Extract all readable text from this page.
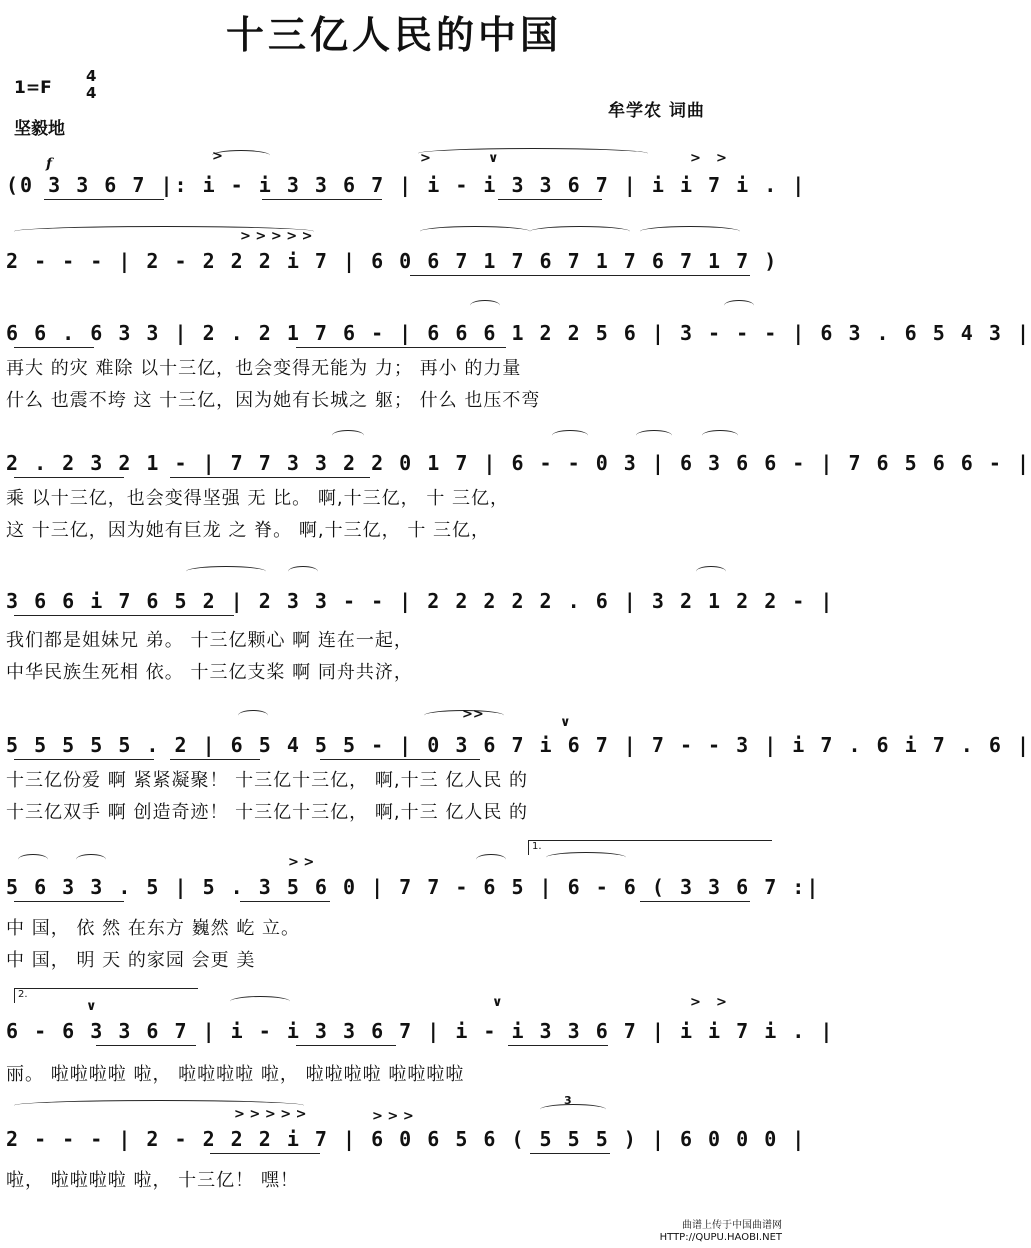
十三亿人民的中国
1=F
4
4
坚毅地
牟学农 词曲
f
(0 3 3 6 7 |: i - i 3 3 6 7 | i - i 3 3 6 7 | i i 7 i . |
>	>	∨	> >
2 - - - | 2 - 2 2 2 i 7 | 6 0 6 7 1 7 6 7 1 7 6 7 1 7 )
> > > > >
6 6 . 6 3 3 | 2 . 2 1 7 6 - | 6 6 6 1 2 2 5 6 | 3 - - - | 6 3 . 6 5 4 3 |
再大 的灾 难除 以十三亿，也会变得无能为 力； 再小 的力量
什么 也震不垮 这 十三亿，因为她有长城之 躯； 什么 也压不弯
2 . 2 3 2 1 - | 7 7 3 3 2 2 0 1 7 | 6 - - 0 3 | 6 3 6 6 - | 7 6 5 6 6 - |
乘 以十三亿，也会变得坚强 无 比。 啊,十三亿， 十 三亿，
这 十三亿，因为她有巨龙 之 脊。 啊,十三亿， 十 三亿，
3 6 6 i 7 6 5 2 | 2 3 3 - - | 2 2 2 2 2 . 6 | 3 2 1 2 2 - |
我们都是姐妹兄 弟。 十三亿颗心 啊 连在一起，
中华民族生死相 依。 十三亿支桨 啊 同舟共济，
5 5 5 5 5 . 2 | 6 5 4 5 5 - | 0 3 6 7 i 6 7 | 7 - - 3 | i 7 . 6 i 7 . 6 |
>>
∨
十三亿份爱 啊 紧紧凝聚！ 十三亿十三亿， 啊,十三 亿人民 的
十三亿双手 啊 创造奇迹！ 十三亿十三亿， 啊,十三 亿人民 的
1.
5 6 3 3 . 5 | 5 . 3 5 6 0 | 7 7 - 6 5 | 6 - 6 ( 3 3 6 7 :|
> >
中 国， 依 然 在东方 巍然 屹 立。
中 国， 明 天 的家园 会更 美
2.
6 - 6 3 3 6 7 | i - i 3 3 6 7 | i - i 3 3 6 7 | i i 7 i . |
∨	∨	> >
丽。 啦啦啦啦 啦， 啦啦啦啦 啦， 啦啦啦啦 啦啦啦啦
2 - - - | 2 - 2 2 2 i 7 | 6 0 6 5 6 ( 5 5 5 ) | 6 0 0 0 |
> > > > >	> > >
3
啦， 啦啦啦啦 啦， 十三亿！ 嘿！
曲谱上传于中国曲谱网
HTTP://QUPU.HAOBI.NET
